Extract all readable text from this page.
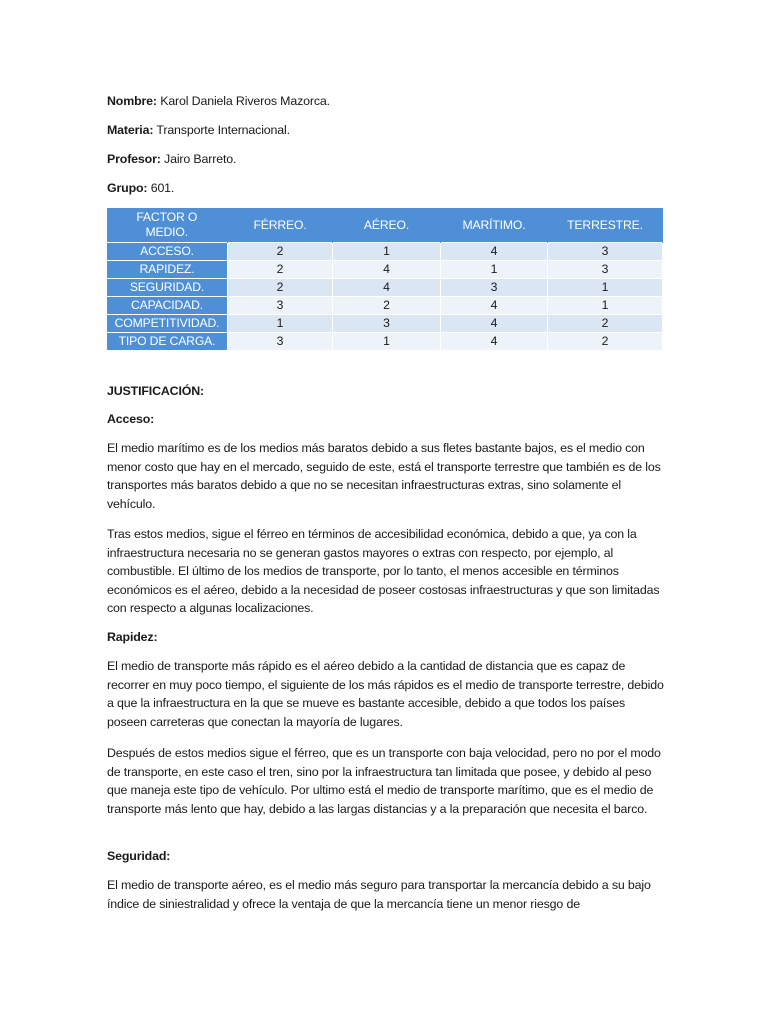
Nombre: Karol Daniela Riveros Mazorca.
Materia: Transporte Internacional.
Profesor: Jairo Barreto.
Grupo: 601.
FACTOR O
MEDIO.	FÉRREO.	AÉREO.	MARÍTIMO.	TERRESTRE.
ACCESO.	2	1	4	3
RAPIDEZ.	2	4	1	3
SEGURIDAD.	2	4	3	1
CAPACIDAD.	3	2	4	1
COMPETITIVIDAD.	1	3	4	2
TIPO DE CARGA.	3	1	4	2
JUSTIFICACIÓN:
Acceso:
El medio marítimo es de los medios más baratos debido a sus fletes bastante bajos, es el medio con menor costo que hay en el mercado, seguido de este, está el transporte terrestre que también es de los transportes más baratos debido a que no se necesitan infraestructuras extras, sino solamente el vehículo.
Tras estos medios, sigue el férreo en términos de accesibilidad económica, debido a que, ya con la infraestructura necesaria no se generan gastos mayores o extras con respecto, por ejemplo, al combustible. El último de los medios de transporte, por lo tanto, el menos accesible en términos económicos es el aéreo, debido a la necesidad de poseer costosas infraestructuras y que son limitadas con respecto a algunas localizaciones.
Rapidez:
El medio de transporte más rápido es el aéreo debido a la cantidad de distancia que es capaz de recorrer en muy poco tiempo, el siguiente de los más rápidos es el medio de transporte terrestre, debido a que la infraestructura en la que se mueve es bastante accesible, debido a que todos los países poseen carreteras que conectan la mayoría de lugares.
Después de estos medios sigue el férreo, que es un transporte con baja velocidad, pero no por el modo de transporte, en este caso el tren, sino por la infraestructura tan limitada que posee, y debido al peso que maneja este tipo de vehículo. Por ultimo está el medio de transporte marítimo, que es el medio de transporte más lento que hay, debido a las largas distancias y a la preparación que necesita el barco.
Seguridad:
El medio de transporte aéreo, es el medio más seguro para transportar la mercancía debido a su bajo índice de siniestralidad y ofrece la ventaja de que la mercancía tiene un menor riesgo de
